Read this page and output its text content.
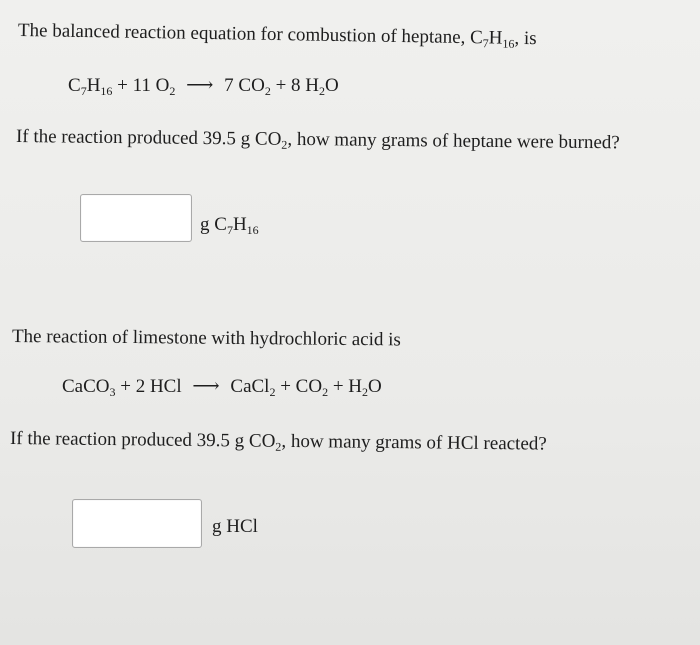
The balanced reaction equation for combustion of heptane, $C_7H_{16}$, is
$C_7H_{16} + 11$ $O_2$ ⟶ 7 $CO_2 + 8$ $H_2O$
If the reaction produced 39.5 g $CO_2$, how many grams of heptane were burned?
g $C_7H_{16}$
The reaction of limestone with hydrochloric acid is
CaCO$_3$ + 2 HCl ⟶ CaCl$_2$ + $CO_2 + H_2O$
If the reaction produced 39.5 g $CO_2$, how many grams of HCl reacted?
g HCl
